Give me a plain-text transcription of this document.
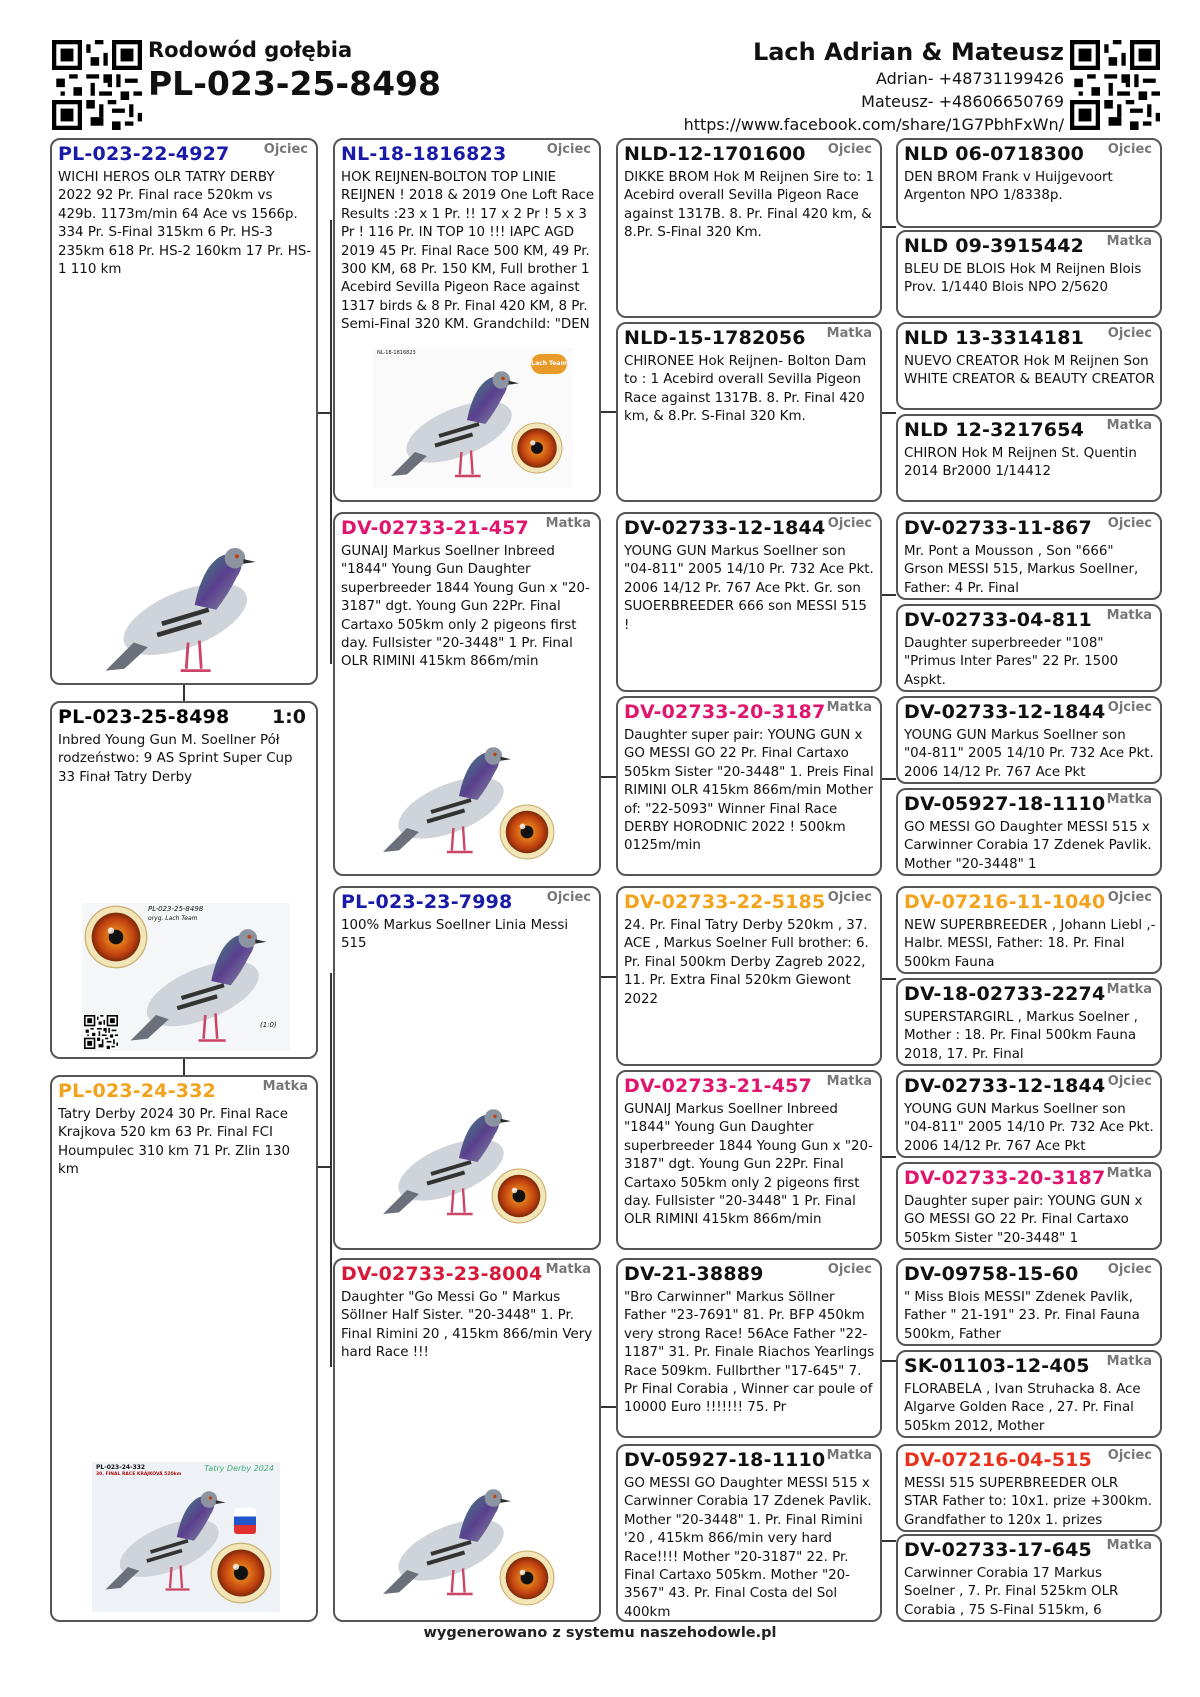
Rodowód gołębia
PL-023-25-8498
Lach Adrian & Mateusz
Adrian- +48731199426
Mateusz- +48606650769
https://www.facebook.com/share/1G7PbhFxWn/
PL-023-22-4927	Ojciec
WICHI HEROS OLR TATRY DERBY 2022 92 Pr. Final race 520km vs 429b. 1173m/min 64 Ace vs 1566p. 334 Pr. S-Final 315km 6 Pr. HS-3 235km 618 Pr. HS-2 160km 17 Pr. HS-1 110 km
PL-023-25-8498 1:0
Inbred Young Gun M. Soellner Pół rodzeństwo: 9 AS Sprint Super Cup 33 Finał Tatry Derby
PL-023-25-8498
oryg. Lach Team
(1:0)
PL-023-24-332	Matka
Tatry Derby 2024 30 Pr. Final Race Krajkova 520 km 63 Pr. Final FCI Houmpulec 310 km 71 Pr. Zlin 130 km
PL-023-24-332
30. FINAL RACE KRAJKOVÁ 520km
Tatry Derby 2024
NL-18-1816823	Ojciec
HOK REIJNEN-BOLTON TOP LINIE REIJNEN ! 2018 & 2019 One Loft Race Results :23 x 1 Pr. !! 17 x 2 Pr ! 5 x 3 Pr ! 116 Pr. IN TOP 10 !!! IAPC AGD 2019 45 Pr. Final Race 500 KM, 49 Pr. 300 KM, 68 Pr. 150 KM, Full brother 1 Acebird Sevilla Pigeon Race against 1317 birds & 8 Pr. Final 420 KM, 8 Pr. Semi-Final 320 KM. Grandchild: "DEN
NL-18-1816823
Lach Team
DV-02733-21-457 Matka
GUNAIJ Markus Soellner Inbreed "1844" Young Gun Daughter superbreeder 1844 Young Gun x "20-3187" dgt. Young Gun 22Pr. Final Cartaxo 505km only 2 pigeons first day. Fullsister "20-3448" 1 Pr. Final OLR RIMINI 415km 866m/min
PL-023-23-7998	Ojciec
100% Markus Soellner Linia Messi 515
DV-02733-23-8004 Matka
Daughter "Go Messi Go " Markus Söllner Half Sister. "20-3448" 1. Pr. Final Rimini 20 , 415km 866/min Very hard Race !!!
NLD-12-1701600 Ojciec
DIKKE BROM Hok M Reijnen Sire to: 1 Acebird overall Sevilla Pigeon Race against 1317B. 8. Pr. Final 420 km, & 8.Pr. S-Final 320 Km.
NLD-15-1782056 Matka
CHIRONEE Hok Reijnen- Bolton Dam to : 1 Acebird overall Sevilla Pigeon Race against 1317B. 8. Pr. Final 420 km, & 8.Pr. S-Final 320 Km.
DV-02733-12-1844 Ojciec
YOUNG GUN Markus Soellner son "04-811" 2005 14/10 Pr. 732 Ace Pkt. 2006 14/12 Pr. 767 Ace Pkt. Gr. son SUOERBREEDER 666 son MESSI 515 !
DV-02733-20-3187 Matka
Daughter super pair: YOUNG GUN x GO MESSI GO 22 Pr. Final Cartaxo 505km Sister "20-3448" 1. Preis Final RIMINI OLR 415km 866m/min Mother of: "22-5093" Winner Final Race DERBY HORODNIC 2022 ! 500km 0125m/min
DV-02733-22-5185 Ojciec
24. Pr. Final Tatry Derby 520km , 37. ACE , Markus Soelner Full brother: 6. Pr. Final 500km Derby Zagreb 2022, 11. Pr. Extra Final 520km Giewont 2022
DV-02733-21-457 Matka
GUNAIJ Markus Soellner Inbreed "1844" Young Gun Daughter superbreeder 1844 Young Gun x "20-3187" dgt. Young Gun 22Pr. Final Cartaxo 505km only 2 pigeons first day. Fullsister "20-3448" 1 Pr. Final OLR RIMINI 415km 866m/min
DV-21-38889	Ojciec
"Bro Carwinner" Markus Söllner Father "23-7691" 81. Pr. BFP 450km very strong Race! 56Ace Father "22-1187" 31. Pr. Finale Riachos Yearlings Race 509km. Fullbrther "17-645" 7. Pr Final Corabia , Winner car poule of 10000 Euro !!!!!!! 75. Pr
DV-05927-18-1110 Matka
GO MESSI GO Daughter MESSI 515 x Carwinner Corabia 17 Zdenek Pavlik. Mother "20-3448" 1. Pr. Final Rimini '20 , 415km 866/min very hard Race!!!! Mother "20-3187" 22. Pr. Final Cartaxo 505km. Mother "20-3567" 43. Pr. Final Costa del Sol 400km
NLD 06-0718300 Ojciec
DEN BROM Frank v Huijgevoort Argenton NPO 1/8338p.
NLD 09-3915442 Matka
BLEU DE BLOIS Hok M Reijnen Blois Prov. 1/1440 Blois NPO 2/5620
NLD 13-3314181 Ojciec
NUEVO CREATOR Hok M Reijnen Son WHITE CREATOR & BEAUTY CREATOR
NLD 12-3217654 Matka
CHIRON Hok M Reijnen St. Quentin 2014 Br2000 1/14412
DV-02733-11-867 Ojciec
Mr. Pont a Mousson , Son "666" Grson MESSI 515, Markus Soellner, Father: 4 Pr. Final
DV-02733-04-811 Matka
Daughter superbreeder "108" "Primus Inter Pares" 22 Pr. 1500 Aspkt.
DV-02733-12-1844 Ojciec
YOUNG GUN Markus Soellner son "04-811" 2005 14/10 Pr. 732 Ace Pkt. 2006 14/12 Pr. 767 Ace Pkt
DV-05927-18-1110 Matka
GO MESSI GO Daughter MESSI 515 x Carwinner Corabia 17 Zdenek Pavlik. Mother "20-3448" 1
DV-07216-11-1040 Ojciec
NEW SUPERBREEDER , Johann Liebl ,- Halbr. MESSI, Father: 18. Pr. Final 500km Fauna
DV-18-02733-2274 Matka
SUPERSTARGIRL , Markus Soelner , Mother : 18. Pr. Final 500km Fauna 2018, 17. Pr. Final
DV-02733-12-1844 Ojciec
YOUNG GUN Markus Soellner son "04-811" 2005 14/10 Pr. 732 Ace Pkt. 2006 14/12 Pr. 767 Ace Pkt
DV-02733-20-3187 Matka
Daughter super pair: YOUNG GUN x GO MESSI GO 22 Pr. Final Cartaxo 505km Sister "20-3448" 1
DV-09758-15-60 Ojciec
" Miss Blois MESSI" Zdenek Pavlik, Father " 21-191" 23. Pr. Final Fauna 500km, Father
SK-01103-12-405 Matka
FLORABELA , Ivan Struhacka 8. Ace Algarve Golden Race , 27. Pr. Final 505km 2012, Mother
DV-07216-04-515 Ojciec
MESSI 515 SUPERBREEDER OLR STAR Father to: 10x1. prize +300km. Grandfather to 120x 1. prizes
DV-02733-17-645 Matka
Carwinner Corabia 17 Markus Soelner , 7. Pr. Final 525km OLR Corabia , 75 S-Final 515km, 6
wygenerowano z systemu naszehodowle.pl
